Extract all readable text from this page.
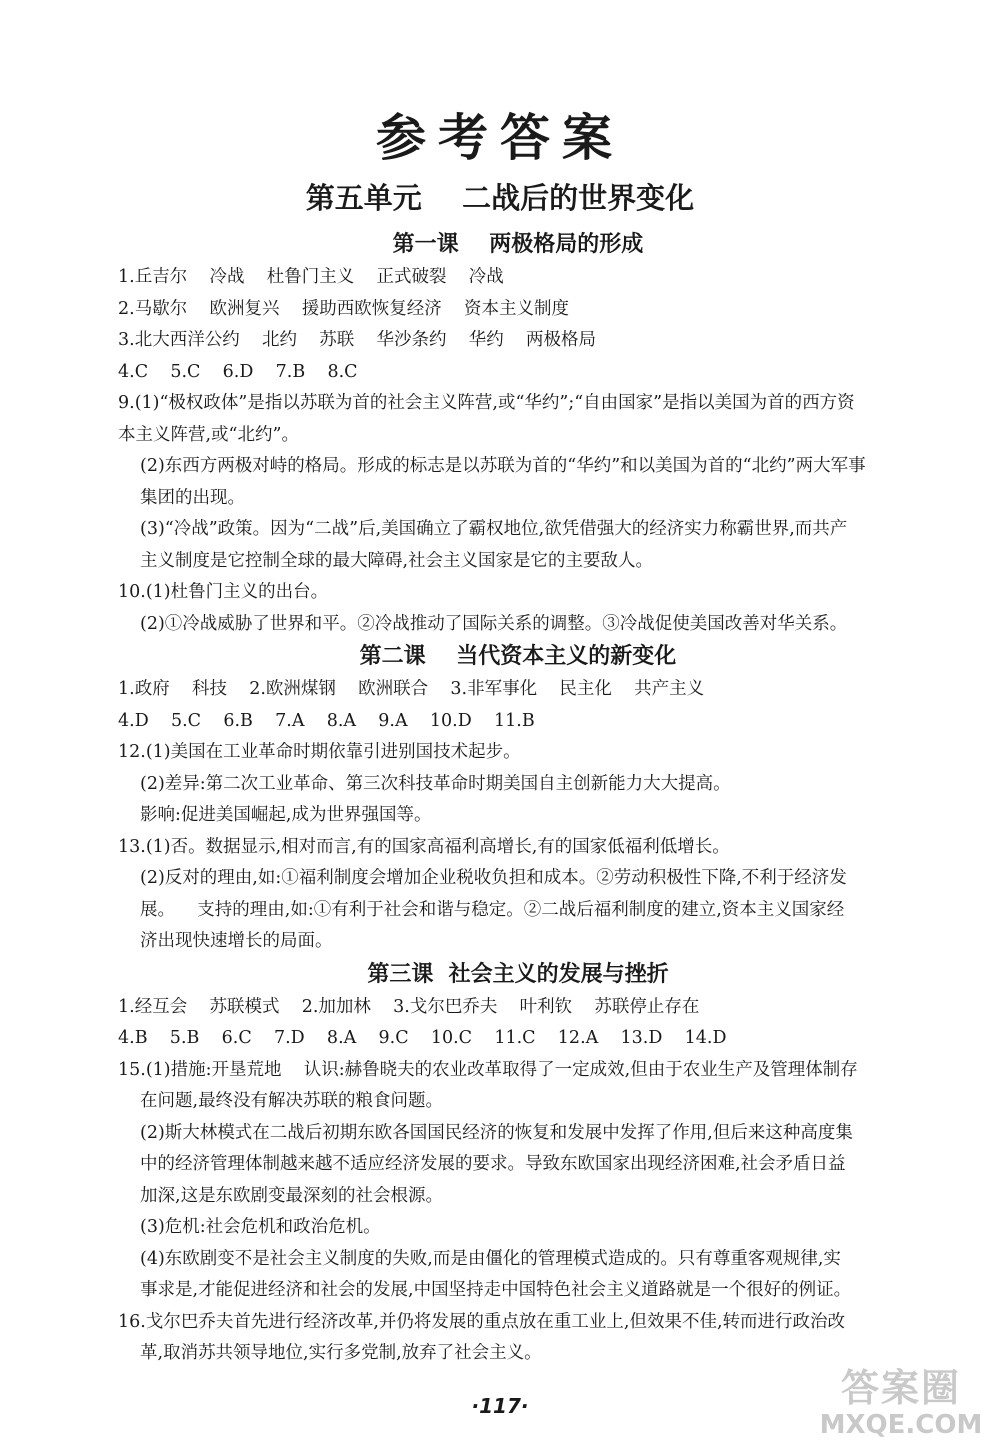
参考答案
第五单元    二战后的世界变化
第一课    两极格局的形成

1.丘吉尔    冷战    杜鲁门主义    正式破裂    冷战

2.马歇尔    欧洲复兴    援助西欧恢复经济    资本主义制度

3.北大西洋公约    北约    苏联    华沙条约    华约    两极格局

4.C    5.C    6.D    7.B    8.C

9.(1)“极权政体”是指以苏联为首的社会主义阵营,或“华约”;“自由国家”是指以美国为首的西方资

本主义阵营,或“北约”。

(2)东西方两极对峙的格局。形成的标志是以苏联为首的“华约”和以美国为首的“北约”两大军事

集团的出现。

(3)“冷战”政策。因为“二战”后,美国确立了霸权地位,欲凭借强大的经济实力称霸世界,而共产

主义制度是它控制全球的最大障碍,社会主义国家是它的主要敌人。

10.(1)杜鲁门主义的出台。

(2)①冷战威胁了世界和平。②冷战推动了国际关系的调整。③冷战促使美国改善对华关系。

第二课    当代资本主义的新变化

1.政府    科技    2.欧洲煤钢    欧洲联合    3.非军事化    民主化    共产主义

4.D    5.C    6.B    7.A    8.A    9.A    10.D    11.B

12.(1)美国在工业革命时期依靠引进别国技术起步。

(2)差异:第二次工业革命、第三次科技革命时期美国自主创新能力大大提高。

影响:促进美国崛起,成为世界强国等。

13.(1)否。数据显示,相对而言,有的国家高福利高增长,有的国家低福利低增长。

(2)反对的理由,如:①福利制度会增加企业税收负担和成本。②劳动积极性下降,不利于经济发

展。    支持的理由,如:①有利于社会和谐与稳定。②二战后福利制度的建立,资本主义国家经

济出现快速增长的局面。

第三课  社会主义的发展与挫折

1.经互会    苏联模式    2.加加林    3.戈尔巴乔夫    叶利钦    苏联停止存在

4.B    5.B    6.C    7.D    8.A    9.C    10.C    11.C    12.A    13.D    14.D

15.(1)措施:开垦荒地    认识:赫鲁晓夫的农业改革取得了一定成效,但由于农业生产及管理体制存

在问题,最终没有解决苏联的粮食问题。

(2)斯大林模式在二战后初期东欧各国国民经济的恢复和发展中发挥了作用,但后来这种高度集

中的经济管理体制越来越不适应经济发展的要求。导致东欧国家出现经济困难,社会矛盾日益

加深,这是东欧剧变最深刻的社会根源。

(3)危机:社会危机和政治危机。

(4)东欧剧变不是社会主义制度的失败,而是由僵化的管理模式造成的。只有尊重客观规律,实

事求是,才能促进经济和社会的发展,中国坚持走中国特色社会主义道路就是一个很好的例证。

16.戈尔巴乔夫首先进行经济改革,并仍将发展的重点放在重工业上,但效果不佳,转而进行政治改

革,取消苏共领导地位,实行多党制,放弃了社会主义。

·117·	答案圈
MXQE.COM
